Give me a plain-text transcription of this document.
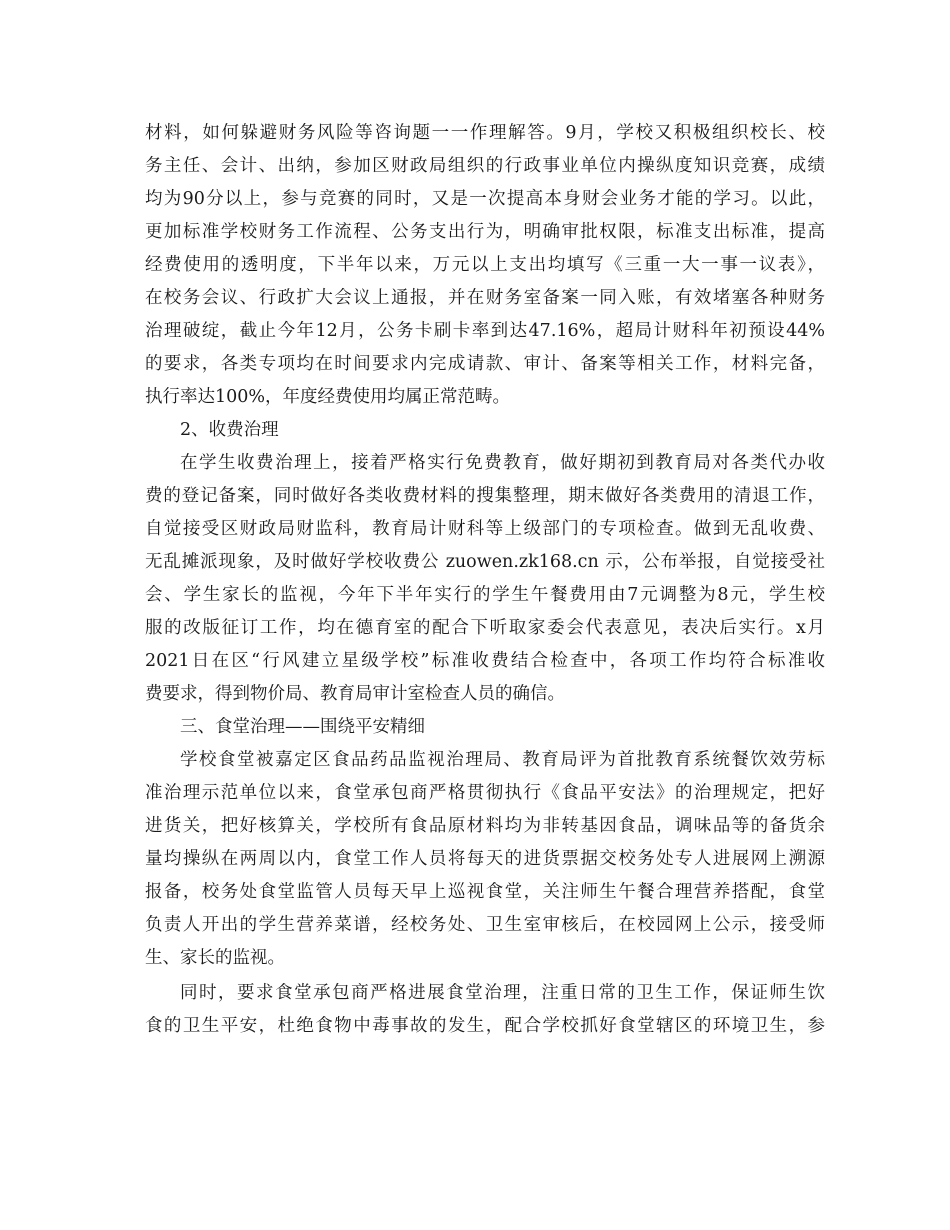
材料，如何躲避财务风险等咨询题一一作理解答。9月，学校又积极组织校长、校
务主任、会计、出纳，参加区财政局组织的行政事业单位内操纵度知识竞赛，成绩
均为90分以上，参与竞赛的同时，又是一次提高本身财会业务才能的学习。以此，
更加标准学校财务工作流程、公务支出行为，明确审批权限，标准支出标准，提高
经费使用的透明度，下半年以来，万元以上支出均填写《三重一大一事一议表》，
在校务会议、行政扩大会议上通报，并在财务室备案一同入账，有效堵塞各种财务
治理破绽，截止今年12月，公务卡刷卡率到达47.16%，超局计财科年初预设44%
的要求，各类专项均在时间要求内完成请款、审计、备案等相关工作，材料完备，
执行率达100%，年度经费使用均属正常范畴。
2、收费治理
在学生收费治理上，接着严格实行免费教育，做好期初到教育局对各类代办收
费的登记备案，同时做好各类收费材料的搜集整理，期末做好各类费用的清退工作，
自觉接受区财政局财监科，教育局计财科等上级部门的专项检查。做到无乱收费、
无乱摊派现象，及时做好学校收费公 zuowen.zk168.cn 示，公布举报，自觉接受社
会、学生家长的监视，今年下半年实行的学生午餐费用由7元调整为8元，学生校
服的改版征订工作，均在德育室的配合下听取家委会代表意见，表决后实行。x月
2021日在区“行风建立星级学校”标准收费结合检查中，各项工作均符合标准收
费要求，得到物价局、教育局审计室检查人员的确信。
三、食堂治理——围绕平安精细
学校食堂被嘉定区食品药品监视治理局、教育局评为首批教育系统餐饮效劳标
准治理示范单位以来，食堂承包商严格贯彻执行《食品平安法》的治理规定，把好
进货关，把好核算关，学校所有食品原材料均为非转基因食品，调味品等的备货余
量均操纵在两周以内，食堂工作人员将每天的进货票据交校务处专人进展网上溯源
报备，校务处食堂监管人员每天早上巡视食堂，关注师生午餐合理营养搭配，食堂
负责人开出的学生营养菜谱，经校务处、卫生室审核后，在校园网上公示，接受师
生、家长的监视。
同时，要求食堂承包商严格进展食堂治理，注重日常的卫生工作，保证师生饮
食的卫生平安，杜绝食物中毒事故的发生，配合学校抓好食堂辖区的环境卫生，参
